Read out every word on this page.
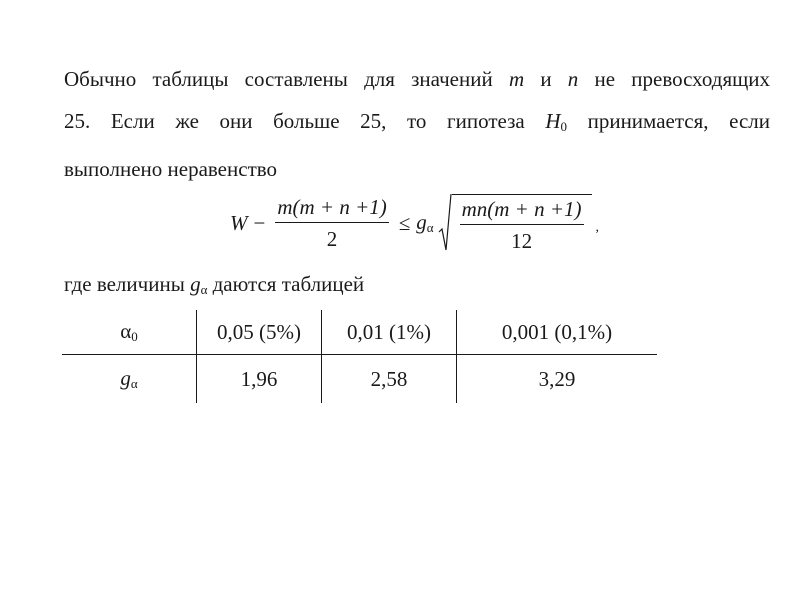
Обычно таблицы составлены для значений m и n не превосходящих
25. Если же они больше 25, то гипотеза $H_0$ принимается, если
выполнено неравенство
$W - \frac{m(m + n +1)}{2} \le g_\alpha \frac{mn(m + n +1)}{12}$ ,
где величины $g_\alpha$ даются таблицей
$\alpha_0$	0,05 (5%)	0,01 (1%)	0,001 (0,1%)
$g_\alpha$	1,96	2,58	3,29
